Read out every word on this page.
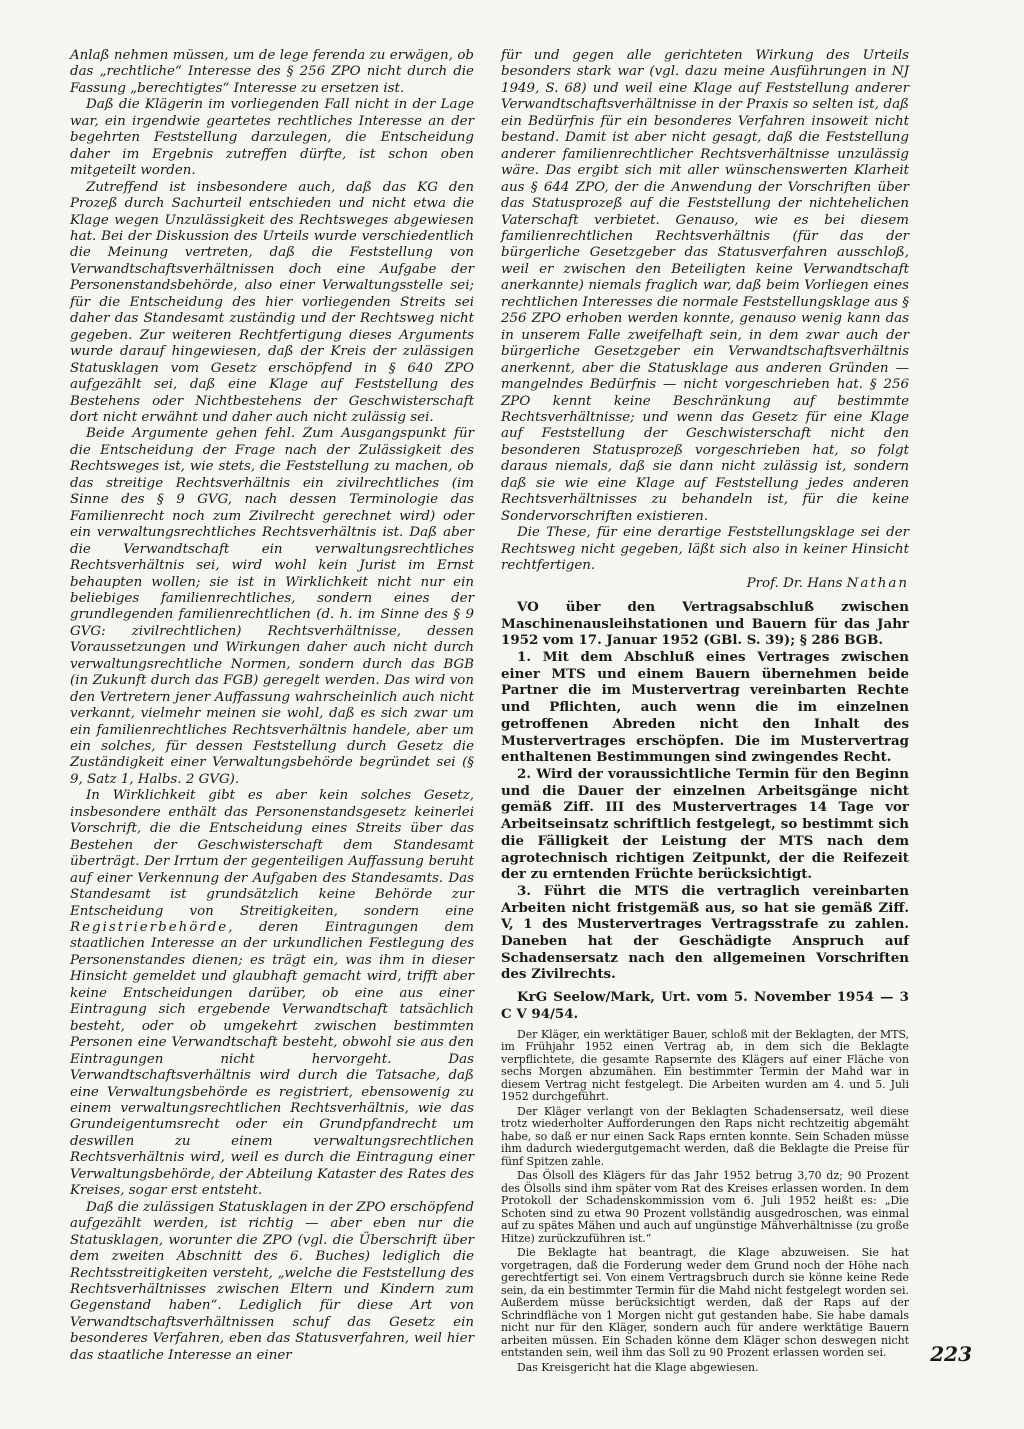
Anlaß nehmen müssen, um de lege ferenda zu erwägen, ob das „rechtliche“ Interesse des § 256 ZPO nicht durch die Fassung „berechtigtes“ Interesse zu ersetzen ist.

Daß die Klägerin im vorliegenden Fall nicht in der Lage war, ein irgendwie geartetes rechtliches Interesse an der begehrten Feststellung darzulegen, die Entscheidung daher im Ergebnis zutreffen dürfte, ist schon oben mitgeteilt worden.

Zutreffend ist insbesondere auch, daß das KG den Prozeß durch Sachurteil entschieden und nicht etwa die Klage wegen Unzulässigkeit des Rechtsweges abgewiesen hat. Bei der Diskussion des Urteils wurde verschiedentlich die Meinung vertreten, daß die Feststellung von Verwandtschaftsverhältnissen doch eine Aufgabe der Personenstandsbehörde, also einer Verwaltungsstelle sei; für die Entscheidung des hier vorliegenden Streits sei daher das Standesamt zuständig und der Rechtsweg nicht gegeben. Zur weiteren Rechtfertigung dieses Arguments wurde darauf hingewiesen, daß der Kreis der zulässigen Statusklagen vom Gesetz erschöpfend in § 640 ZPO aufgezählt sei, daß eine Klage auf Feststellung des Bestehens oder Nichtbestehens der Geschwisterschaft dort nicht erwähnt und daher auch nicht zulässig sei.

Beide Argumente gehen fehl. Zum Ausgangspunkt für die Entscheidung der Frage nach der Zulässigkeit des Rechtsweges ist, wie stets, die Feststellung zu machen, ob das streitige Rechtsverhältnis ein zivilrechtliches (im Sinne des § 9 GVG, nach dessen Terminologie das Familienrecht noch zum Zivilrecht gerechnet wird) oder ein verwaltungsrechtliches Rechtsverhältnis ist. Daß aber die Verwandtschaft ein verwaltungsrechtliches Rechtsverhältnis sei, wird wohl kein Jurist im Ernst behaupten wollen; sie ist in Wirklichkeit nicht nur ein beliebiges familienrechtliches, sondern eines der grundlegenden familienrechtlichen (d. h. im Sinne des § 9 GVG: zivilrechtlichen) Rechtsverhältnisse, dessen Voraussetzungen und Wirkungen daher auch nicht durch verwaltungsrechtliche Normen, sondern durch das BGB (in Zukunft durch das FGB) geregelt werden. Das wird von den Vertretern jener Auffassung wahrscheinlich auch nicht verkannt, vielmehr meinen sie wohl, daß es sich zwar um ein familienrechtliches Rechtsverhältnis handele, aber um ein solches, für dessen Feststellung durch Gesetz die Zuständigkeit einer Verwaltungsbehörde begründet sei (§ 9, Satz 1, Halbs. 2 GVG).

In Wirklichkeit gibt es aber kein solches Gesetz, insbesondere enthält das Personenstandsgesetz keinerlei Vorschrift, die die Entscheidung eines Streits über das Bestehen der Geschwisterschaft dem Standesamt überträgt. Der Irrtum der gegenteiligen Auffassung beruht auf einer Verkennung der Aufgaben des Standesamts. Das Standesamt ist grundsätzlich keine Behörde zur Entscheidung von Streitigkeiten, sondern eine Registrierbehörde, deren Eintragungen dem staatlichen Interesse an der urkundlichen Festlegung des Personenstandes dienen; es trägt ein, was ihm in dieser Hinsicht gemeldet und glaubhaft gemacht wird, trifft aber keine Entscheidungen darüber, ob eine aus einer Eintragung sich ergebende Verwandtschaft tatsächlich besteht, oder ob umgekehrt zwischen bestimmten Personen eine Verwandtschaft besteht, obwohl sie aus den Eintragungen nicht hervorgeht. Das Verwandtschaftsverhältnis wird durch die Tatsache, daß eine Verwaltungsbehörde es registriert, ebensowenig zu einem verwaltungsrechtlichen Rechtsverhältnis, wie das Grundeigentumsrecht oder ein Grundpfandrecht um deswillen zu einem verwaltungsrechtlichen Rechtsverhältnis wird, weil es durch die Eintragung einer Verwaltungsbehörde, der Abteilung Kataster des Rates des Kreises, sogar erst entsteht.

Daß die zulässigen Statusklagen in der ZPO erschöpfend aufgezählt werden, ist richtig — aber eben nur die Statusklagen, worunter die ZPO (vgl. die Überschrift über dem zweiten Abschnitt des 6. Buches) lediglich die Rechtsstreitigkeiten versteht, „welche die Feststellung des Rechtsverhältnisses zwischen Eltern und Kindern zum Gegenstand haben“. Lediglich für diese Art von Verwandtschaftsverhältnissen schuf das Gesetz ein besonderes Verfahren, eben das Statusverfahren, weil hier das staatliche Interesse an einer

für und gegen alle gerichteten Wirkung des Urteils besonders stark war (vgl. dazu meine Ausführungen in NJ 1949, S. 68) und weil eine Klage auf Feststellung anderer Verwandtschaftsverhältnisse in der Praxis so selten ist, daß ein Bedürfnis für ein besonderes Verfahren insoweit nicht bestand. Damit ist aber nicht gesagt, daß die Feststellung anderer familienrechtlicher Rechtsverhältnisse unzulässig wäre. Das ergibt sich mit aller wünschenswerten Klarheit aus § 644 ZPO, der die Anwendung der Vorschriften über das Statusprozeß auf die Feststellung der nichtehelichen Vaterschaft verbietet. Genauso, wie es bei diesem familienrechtlichen Rechtsverhältnis (für das der bürgerliche Gesetzgeber das Statusverfahren ausschloß, weil er zwischen den Beteiligten keine Verwandtschaft anerkannte) niemals fraglich war, daß beim Vorliegen eines rechtlichen Interesses die normale Feststellungsklage aus § 256 ZPO erhoben werden konnte, genauso wenig kann das in unserem Falle zweifelhaft sein, in dem zwar auch der bürgerliche Gesetzgeber ein Verwandtschaftsverhältnis anerkennt, aber die Statusklage aus anderen Gründen — mangelndes Bedürfnis — nicht vorgeschrieben hat. § 256 ZPO kennt keine Beschränkung auf bestimmte Rechtsverhältnisse; und wenn das Gesetz für eine Klage auf Feststellung der Geschwisterschaft nicht den besonderen Statusprozeß vorgeschrieben hat, so folgt daraus niemals, daß sie dann nicht zulässig ist, sondern daß sie wie eine Klage auf Feststellung jedes anderen Rechtsverhältnisses zu behandeln ist, für die keine Sondervorschriften existieren.

Die These, für eine derartige Feststellungsklage sei der Rechtsweg nicht gegeben, läßt sich also in keiner Hinsicht rechtfertigen.

Prof. Dr. Hans Nathan

VO über den Vertragsabschluß zwischen Maschinenausleihstationen und Bauern für das Jahr 1952 vom 17. Januar 1952 (GBl. S. 39); § 286 BGB.

1. Mit dem Abschluß eines Vertrages zwischen einer MTS und einem Bauern übernehmen beide Partner die im Mustervertrag vereinbarten Rechte und Pflichten, auch wenn die im einzelnen getroffenen Abreden nicht den Inhalt des Mustervertrages erschöpfen. Die im Mustervertrag enthaltenen Bestimmungen sind zwingendes Recht.

2. Wird der voraussichtliche Termin für den Beginn und die Dauer der einzelnen Arbeitsgänge nicht gemäß Ziff. III des Mustervertrages 14 Tage vor Arbeitseinsatz schriftlich festgelegt, so bestimmt sich die Fälligkeit der Leistung der MTS nach dem agrotechnisch richtigen Zeitpunkt, der die Reifezeit der zu erntenden Früchte berücksichtigt.

3. Führt die MTS die vertraglich vereinbarten Arbeiten nicht fristgemäß aus, so hat sie gemäß Ziff. V, 1 des Mustervertrages Vertragsstrafe zu zahlen. Daneben hat der Geschädigte Anspruch auf Schadensersatz nach den allgemeinen Vorschriften des Zivilrechts.

KrG Seelow/Mark, Urt. vom 5. November 1954 — 3 C V 94/54.

Der Kläger, ein werktätiger Bauer, schloß mit der Beklagten, der MTS, im Frühjahr 1952 einen Vertrag ab, in dem sich die Beklagte verpflichtete, die gesamte Rapsernte des Klägers auf einer Fläche von sechs Morgen abzumähen. Ein bestimmter Termin der Mahd war in diesem Vertrag nicht festgelegt. Die Arbeiten wurden am 4. und 5. Juli 1952 durchgeführt.

Der Kläger verlangt von der Beklagten Schadensersatz, weil diese trotz wiederholter Aufforderungen den Raps nicht rechtzeitig abgemäht habe, so daß er nur einen Sack Raps ernten konnte. Sein Schaden müsse ihm dadurch wiedergutgemacht werden, daß die Beklagte die Preise für fünf Spitzen zahle.

Das Ölsoll des Klägers für das Jahr 1952 betrug 3,70 dz; 90 Prozent des Ölsolls sind ihm später vom Rat des Kreises erlassen worden. In dem Protokoll der Schadenskommission vom 6. Juli 1952 heißt es: „Die Schoten sind zu etwa 90 Prozent vollständig ausgedroschen, was einmal auf zu spätes Mähen und auch auf ungünstige Mähverhältnisse (zu große Hitze) zurückzuführen ist.“

Die Beklagte hat beantragt, die Klage abzuweisen. Sie hat vorgetragen, daß die Forderung weder dem Grund noch der Höhe nach gerechtfertigt sei. Von einem Vertragsbruch durch sie könne keine Rede sein, da ein bestimmter Termin für die Mahd nicht festgelegt worden sei. Außerdem müsse berücksichtigt werden, daß der Raps auf der Schrindfläche von 1 Morgen nicht gut gestanden habe. Sie habe damals nicht nur für den Kläger, sondern auch für andere werktätige Bauern arbeiten müssen. Ein Schaden könne dem Kläger schon deswegen nicht entstanden sein, weil ihm das Soll zu 90 Prozent erlassen worden sei.

Das Kreisgericht hat die Klage abgewiesen.

223
